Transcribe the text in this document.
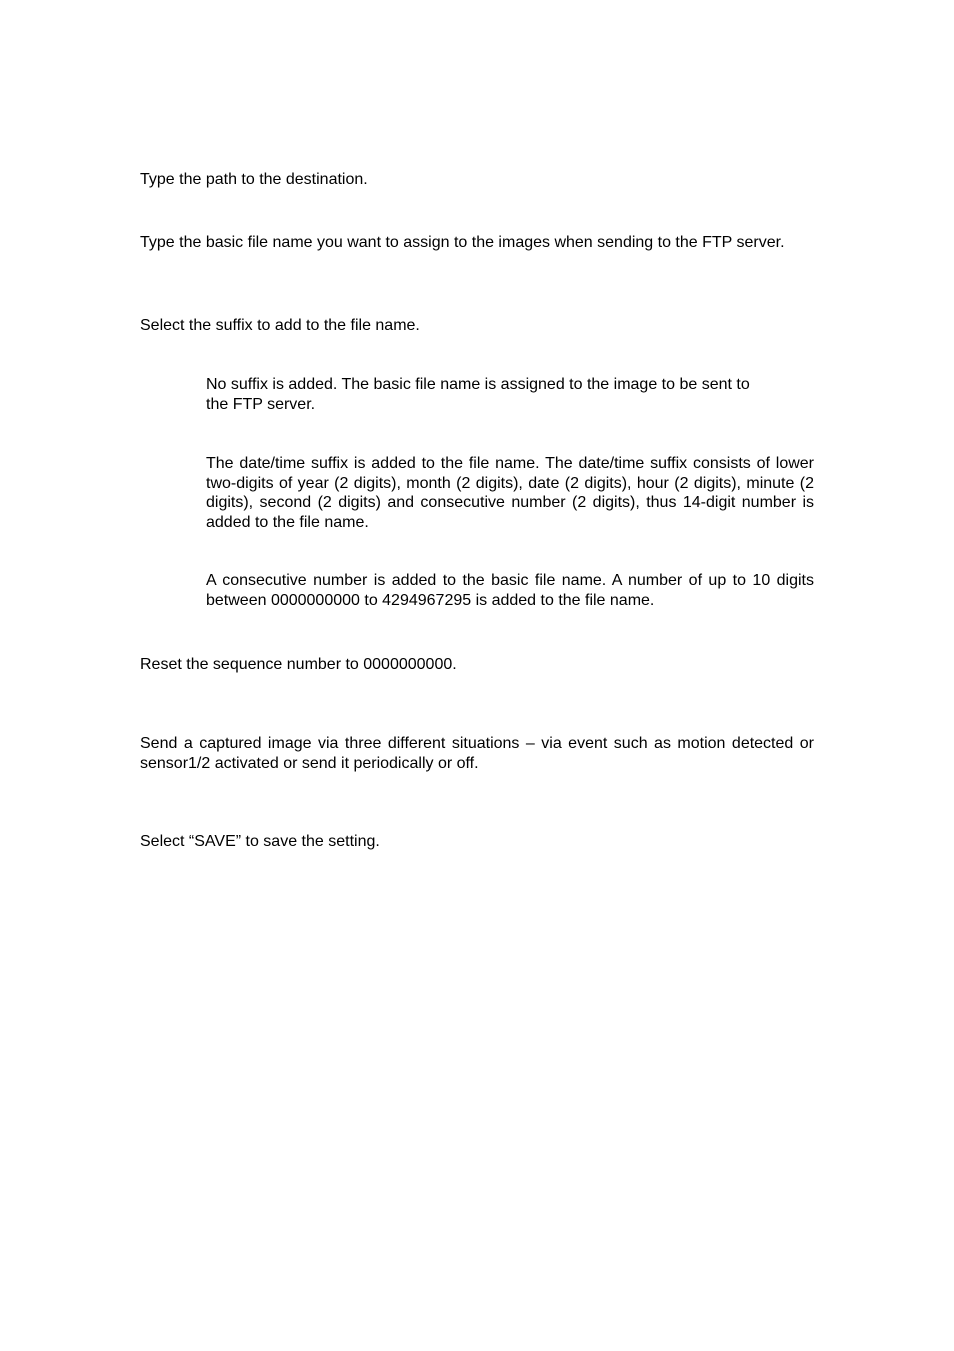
Type the path to the destination.

Type the basic file name you want to assign to the images when sending to the FTP server.

Select the suffix to add to the file name.

No suffix is added. The basic file name is assigned to the image to be sent to the FTP server.

The date/time suffix is added to the file name. The date/time suffix consists of lower two-digits of year (2 digits), month (2 digits), date (2 digits), hour (2 digits), minute (2 digits), second (2 digits) and consecutive number (2 digits), thus 14-digit number is added to the file name.

A consecutive number is added to the basic file name. A number of up to 10 digits between 0000000000 to 4294967295 is added to the file name.

Reset the sequence number to 0000000000.

Send a captured image via three different situations – via event such as motion detected or sensor1/2 activated or send it periodically or off.

Select “SAVE” to save the setting.
